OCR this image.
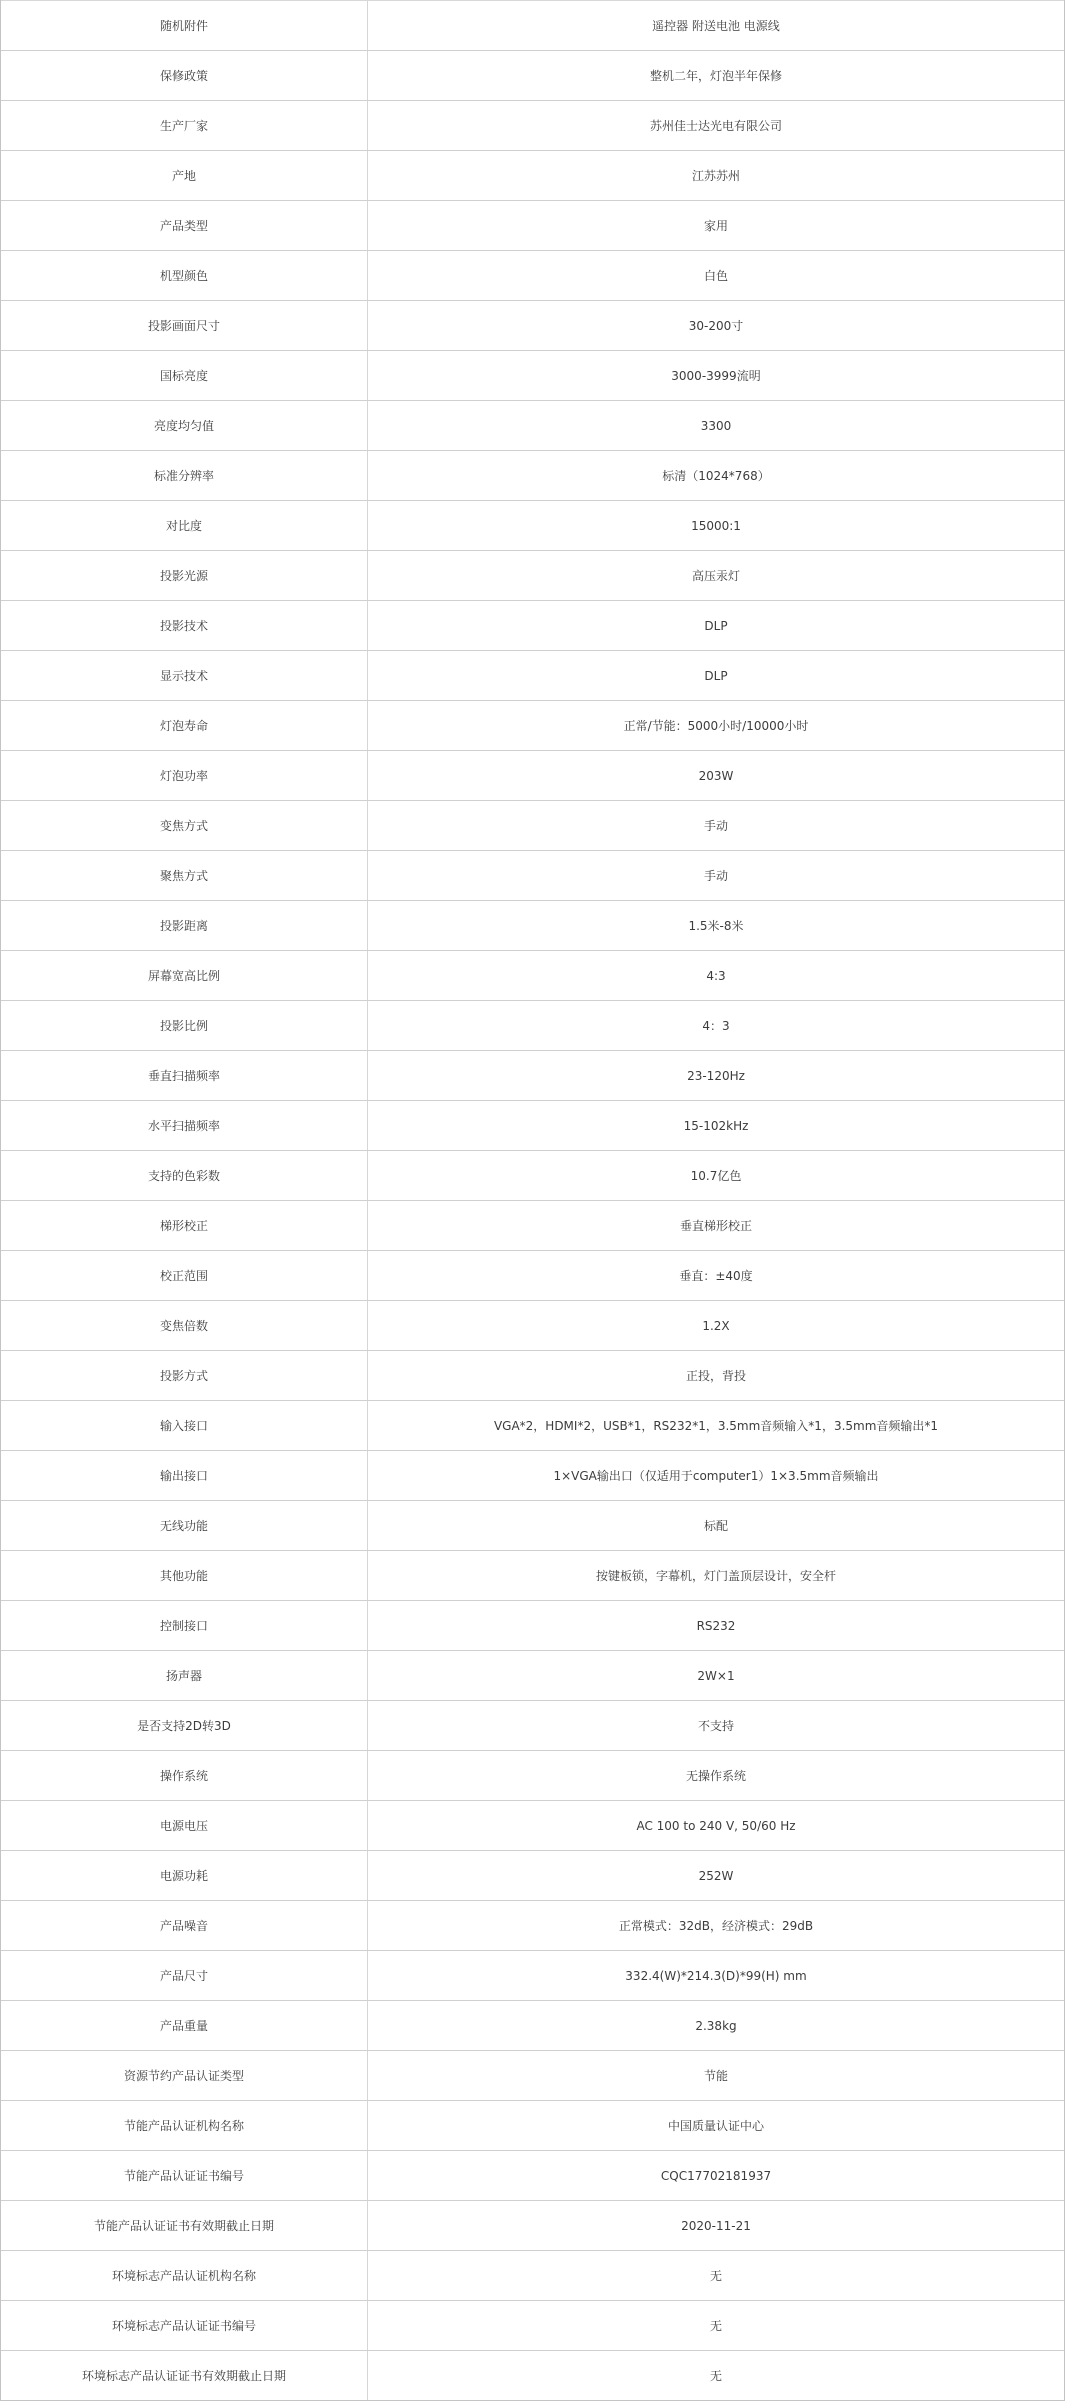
随机附件	遥控器 附送电池 电源线
保修政策	整机二年，灯泡半年保修
生产厂家	苏州佳士达光电有限公司
产地	江苏苏州
产品类型	家用
机型颜色	白色
投影画面尺寸	30-200寸
国标亮度	3000-3999流明
亮度均匀值	3300
标准分辨率	标清（1024*768）
对比度	15000:1
投影光源	高压汞灯
投影技术	DLP
显示技术	DLP
灯泡寿命	正常/节能：5000小时/10000小时
灯泡功率	203W
变焦方式	手动
聚焦方式	手动
投影距离	1.5米-8米
屏幕宽高比例	4:3
投影比例	4：3
垂直扫描频率	23-120Hz
水平扫描频率	15-102kHz
支持的色彩数	10.7亿色
梯形校正	垂直梯形校正
校正范围	垂直：±40度
变焦倍数	1.2X
投影方式	正投，背投
输入接口	VGA*2，HDMI*2，USB*1，RS232*1，3.5mm音频输入*1，3.5mm音频输出*1
输出接口	1×VGA输出口（仅适用于computer1）1×3.5mm音频输出
无线功能	标配
其他功能	按键板锁，字幕机，灯门盖顶层设计，安全杆
控制接口	RS232
扬声器	2W×1
是否支持2D转3D	不支持
操作系统	无操作系统
电源电压	AC 100 to 240 V, 50/60 Hz
电源功耗	252W
产品噪音	正常模式：32dB，经济模式：29dB
产品尺寸	332.4(W)*214.3(D)*99(H) mm
产品重量	2.38kg
资源节约产品认证类型	节能
节能产品认证机构名称	中国质量认证中心
节能产品认证证书编号	CQC17702181937
节能产品认证证书有效期截止日期	2020-11-21
环境标志产品认证机构名称	无
环境标志产品认证证书编号	无
环境标志产品认证证书有效期截止日期	无
